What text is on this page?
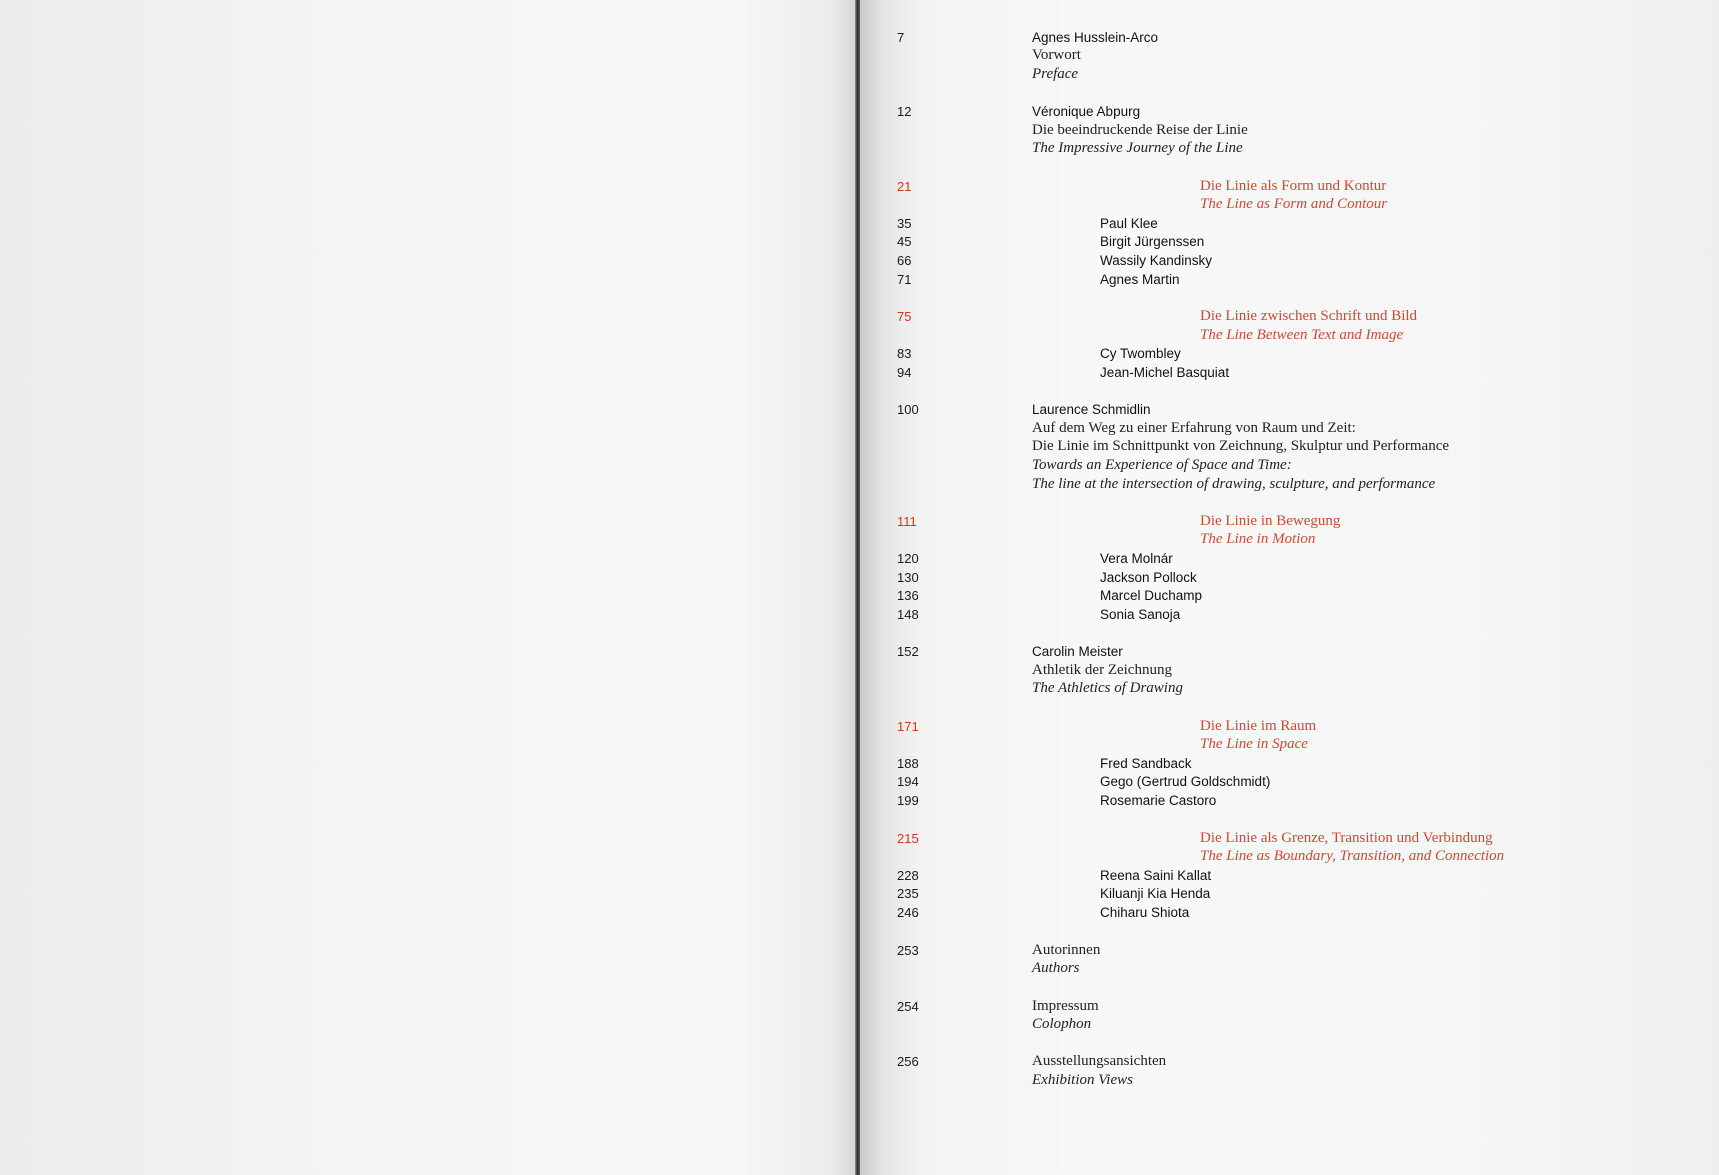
7	Agnes Husslein-Arco
Vorwort
Preface
12	Véronique Abpurg
Die beeindruckende Reise der Linie
The Impressive Journey of the Line
21	Die Linie als Form und Kontur
The Line as Form and Contour
35	Paul Klee
45	Birgit Jürgenssen
66	Wassily Kandinsky
71	Agnes Martin
75	Die Linie zwischen Schrift und Bild
The Line Between Text and Image
83	Cy Twombley
94	Jean-Michel Basquiat
100	Laurence Schmidlin
Auf dem Weg zu einer Erfahrung von Raum und Zeit:
Die Linie im Schnittpunkt von Zeichnung, Skulptur und Performance
Towards an Experience of Space and Time:
The line at the intersection of drawing, sculpture, and performance
111	Die Linie in Bewegung
The Line in Motion
120	Vera Molnár
130	Jackson Pollock
136	Marcel Duchamp
148	Sonia Sanoja
152	Carolin Meister
Athletik der Zeichnung
The Athletics of Drawing
171	Die Linie im Raum
The Line in Space
188	Fred Sandback
194	Gego (Gertrud Goldschmidt)
199	Rosemarie Castoro
215	Die Linie als Grenze, Transition und Verbindung
The Line as Boundary, Transition, and Connection
228	Reena Saini Kallat
235	Kiluanji Kia Henda
246	Chiharu Shiota
253	Autorinnen
Authors
254	Impressum
Colophon
256	Ausstellungsansichten
Exhibition Views
